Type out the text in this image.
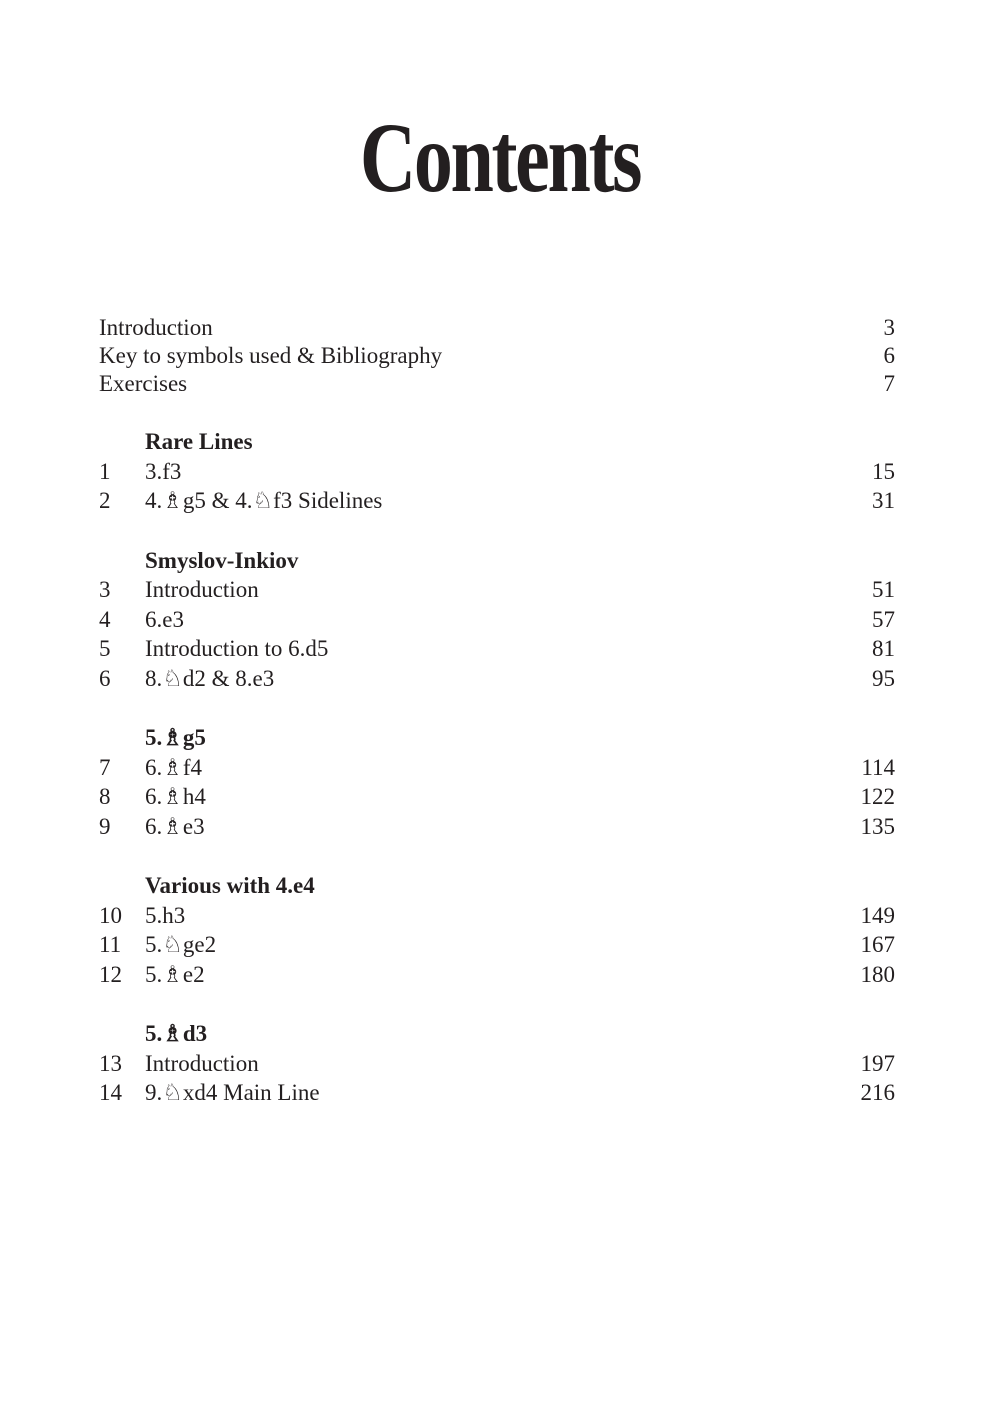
Contents
Introduction	3
Key to symbols used & Bibliography	6
Exercises	7
Rare Lines
1 3.f3	15
2 4.♗g5 & 4.♘f3 Sidelines	31
Smyslov-Inkiov
3 Introduction	51
4 6.e3	57
5 Introduction to 6.d5	81
6 8.♘d2 & 8.e3	95
5.♗g5
7 6.♗f4	114
8 6.♗h4	122
9 6.♗e3	135
Various with 4.e4
10 5.h3	149
11 5.♘ge2	167
12 5.♗e2	180
5.♗d3
13 Introduction	197
14 9.♘xd4 Main Line	216
